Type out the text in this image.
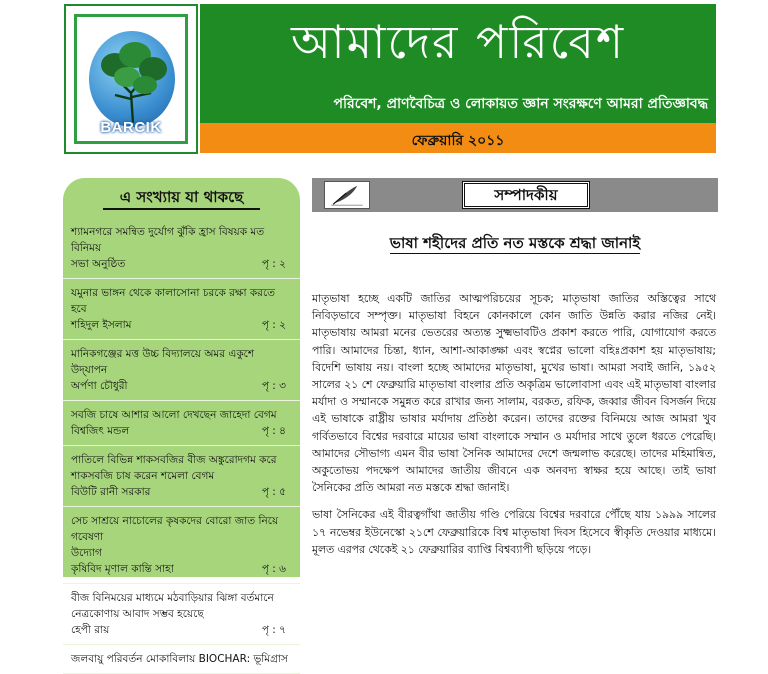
BARCIK
আমাদের পরিবেশ
পরিবেশ, প্রাণবৈচিত্র ও লোকায়ত জ্ঞান সংরক্ষণে আমরা প্রতিজ্ঞাবদ্ধ
ফেব্রুয়ারি ২০১১
এ সংখ্যায় যা থাকছে
শ্যামনগরে সমন্বিত দুর্যোগ ঝুঁকি হ্রাস বিষয়ক মত বিনিময়
সভা অনুষ্ঠিত	পৃ : ২
যমুনার ভাঙ্গন থেকে কালাসোনা চরকে রক্ষা করতে হবে
শহিদুল ইসলাম	পৃ : ২
মানিকগঞ্জের মত্ত উচ্চ বিদ্যালয়ে অমর একুশে উদ্‌যাপন
অর্পণা চৌধুরী	পৃ : ৩
সবজি চাষে আশার আলো দেখছেন জাহেদা বেগম
বিশ্বজিৎ মন্ডল	পৃ : ৪
পাতিলে বিভিন্ন শাকসবজির বীজ অঙ্কুরোদগম করে
শাকসবজি চাষ করেন শমেলা বেগম
বিউটি রানী সরকার	পৃ : ৫
সেচ সাশ্রয়ে নাচোলের কৃষকদের বোরো জাত নিয়ে গবেষণা
উদ্যোগ
কৃষিবিদ মৃণাল কান্তি সাহা	পৃ : ৬
বীজ বিনিময়ের মাধ্যমে মঠবাড়িয়ার ঝিঙ্গা বর্তমানে
নেত্রকোণায় আবাদ সম্ভব হয়েছে
হেপী রায়	পৃ : ৭
জলবায়ু পরিবর্তন মোকাবিলায় BIOCHAR: ভূমিগ্রাস
সম্পাদকীয়
ভাষা শহীদের প্রতি নত মস্তকে শ্রদ্ধা জানাই

মাতৃভাষা হচ্ছে একটি জাতির আত্মপরিচয়ের সূচক; মাতৃভাষা জাতির অস্তিত্বের সাথে নিবিড়ভাবে সম্পৃক্ত। মাতৃভাষা বিহনে কোনকালে কোন জাতি উন্নতি করার নজির নেই। মাতৃভাষায় আমরা মনের ভেতরের অত্যন্ত সুক্ষ্মভাবটিও প্রকাশ করতে পারি, যোগাযোগ করতে পারি। আমাদের চিন্তা, ধ্যান, আশা-আকাঙ্ক্ষা এবং স্বপ্নের ভালো বহিঃপ্রকাশ হয় মাতৃভাষায়; বিদেশি ভাষায় নয়। বাংলা হচ্ছে আমাদের মাতৃভাষা, মুখের ভাষা। আমরা সবাই জানি, ১৯৫২ সালের ২১ শে ফেব্রুয়ারি মাতৃভাষা বাংলার প্রতি অকৃত্রিম ভালোবাসা এবং এই মাতৃভাষা বাংলার মর্যাদা ও সম্মানকে সমুন্নত করে রাখার জন্য সালাম, বরকত, রফিক, জব্বার জীবন বিসর্জন দিয়ে এই ভাষাকে রাষ্ট্রীয় ভাষার মর্যাদায় প্রতিষ্ঠা করেন। তাদের রক্তের বিনিময়ে আজ আমরা খুব গর্বিতভাবে বিশ্বের দরবারে মায়ের ভাষা বাংলাকে সম্মান ও মর্যাদার সাথে তুলে ধরতে পেরেছি। আমাদের সৌভাগ্য এমন বীর ভাষা সৈনিক আমাদের দেশে জন্মলাভ করেছে। তাদের মহিমান্বিত, অকুতোভয় পদক্ষেপ আমাদের জাতীয় জীবনে এক অনবদ্য স্বাক্ষর হয়ে আছে। তাই ভাষা সৈনিকের প্রতি আমরা নত মস্তকে শ্রদ্ধা জানাই।

ভাষা সৈনিকের এই বীরত্বগাঁথা জাতীয় গণ্ডি পেরিয়ে বিশ্বের দরবারে পৌঁছে যায় ১৯৯৯ সালের ১৭ নভেম্বর ইউনেস্কো ২১শে ফেব্রুয়ারিকে বিশ্ব মাতৃভাষা দিবস হিসেবে স্বীকৃতি দেওয়ার মাধ্যমে। মূলত এরপর থেকেই ২১ ফেব্রুয়ারির ব্যাপ্তি বিশ্বব্যাপী ছড়িয়ে পড়ে।
